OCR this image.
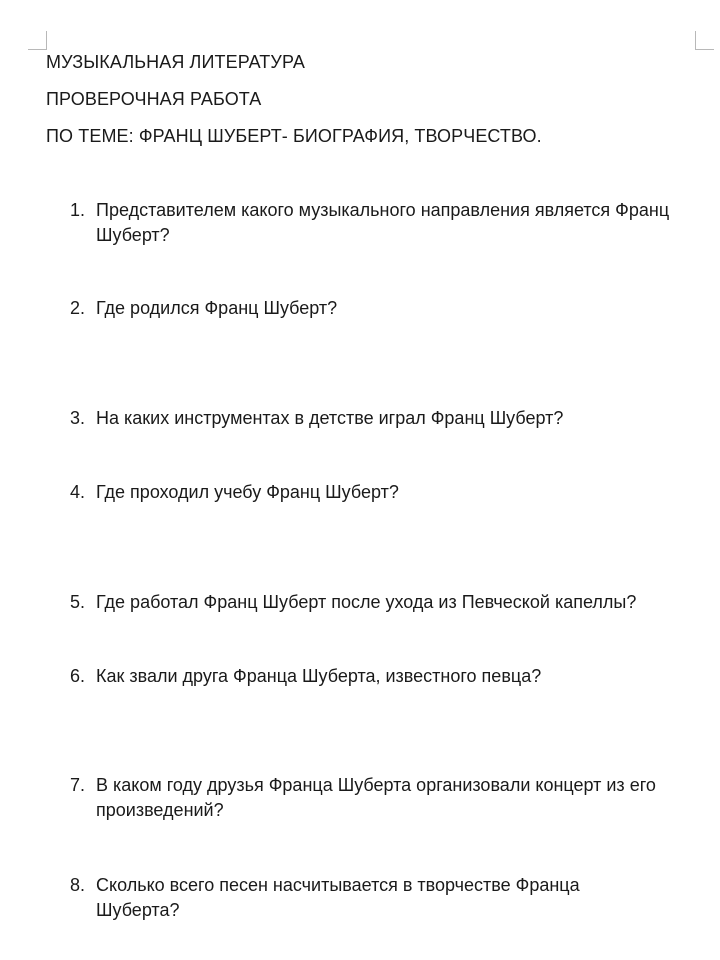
МУЗЫКАЛЬНАЯ ЛИТЕРАТУРА
ПРОВЕРОЧНАЯ РАБОТА
ПО ТЕМЕ: ФРАНЦ ШУБЕРТ- БИОГРАФИЯ, ТВОРЧЕСТВО.
1. Представителем какого музыкального направления является Франц Шуберт?
2. Где родился Франц Шуберт?
3. На каких инструментах в детстве играл Франц Шуберт?
4. Где проходил учебу Франц Шуберт?
5. Где работал Франц Шуберт после ухода из Певческой капеллы?
6. Как звали друга Франца Шуберта, известного певца?
7. В каком году друзья Франца Шуберта организовали концерт из его произведений?
8. Сколько всего песен насчитывается в творчестве Франца Шуберта?
